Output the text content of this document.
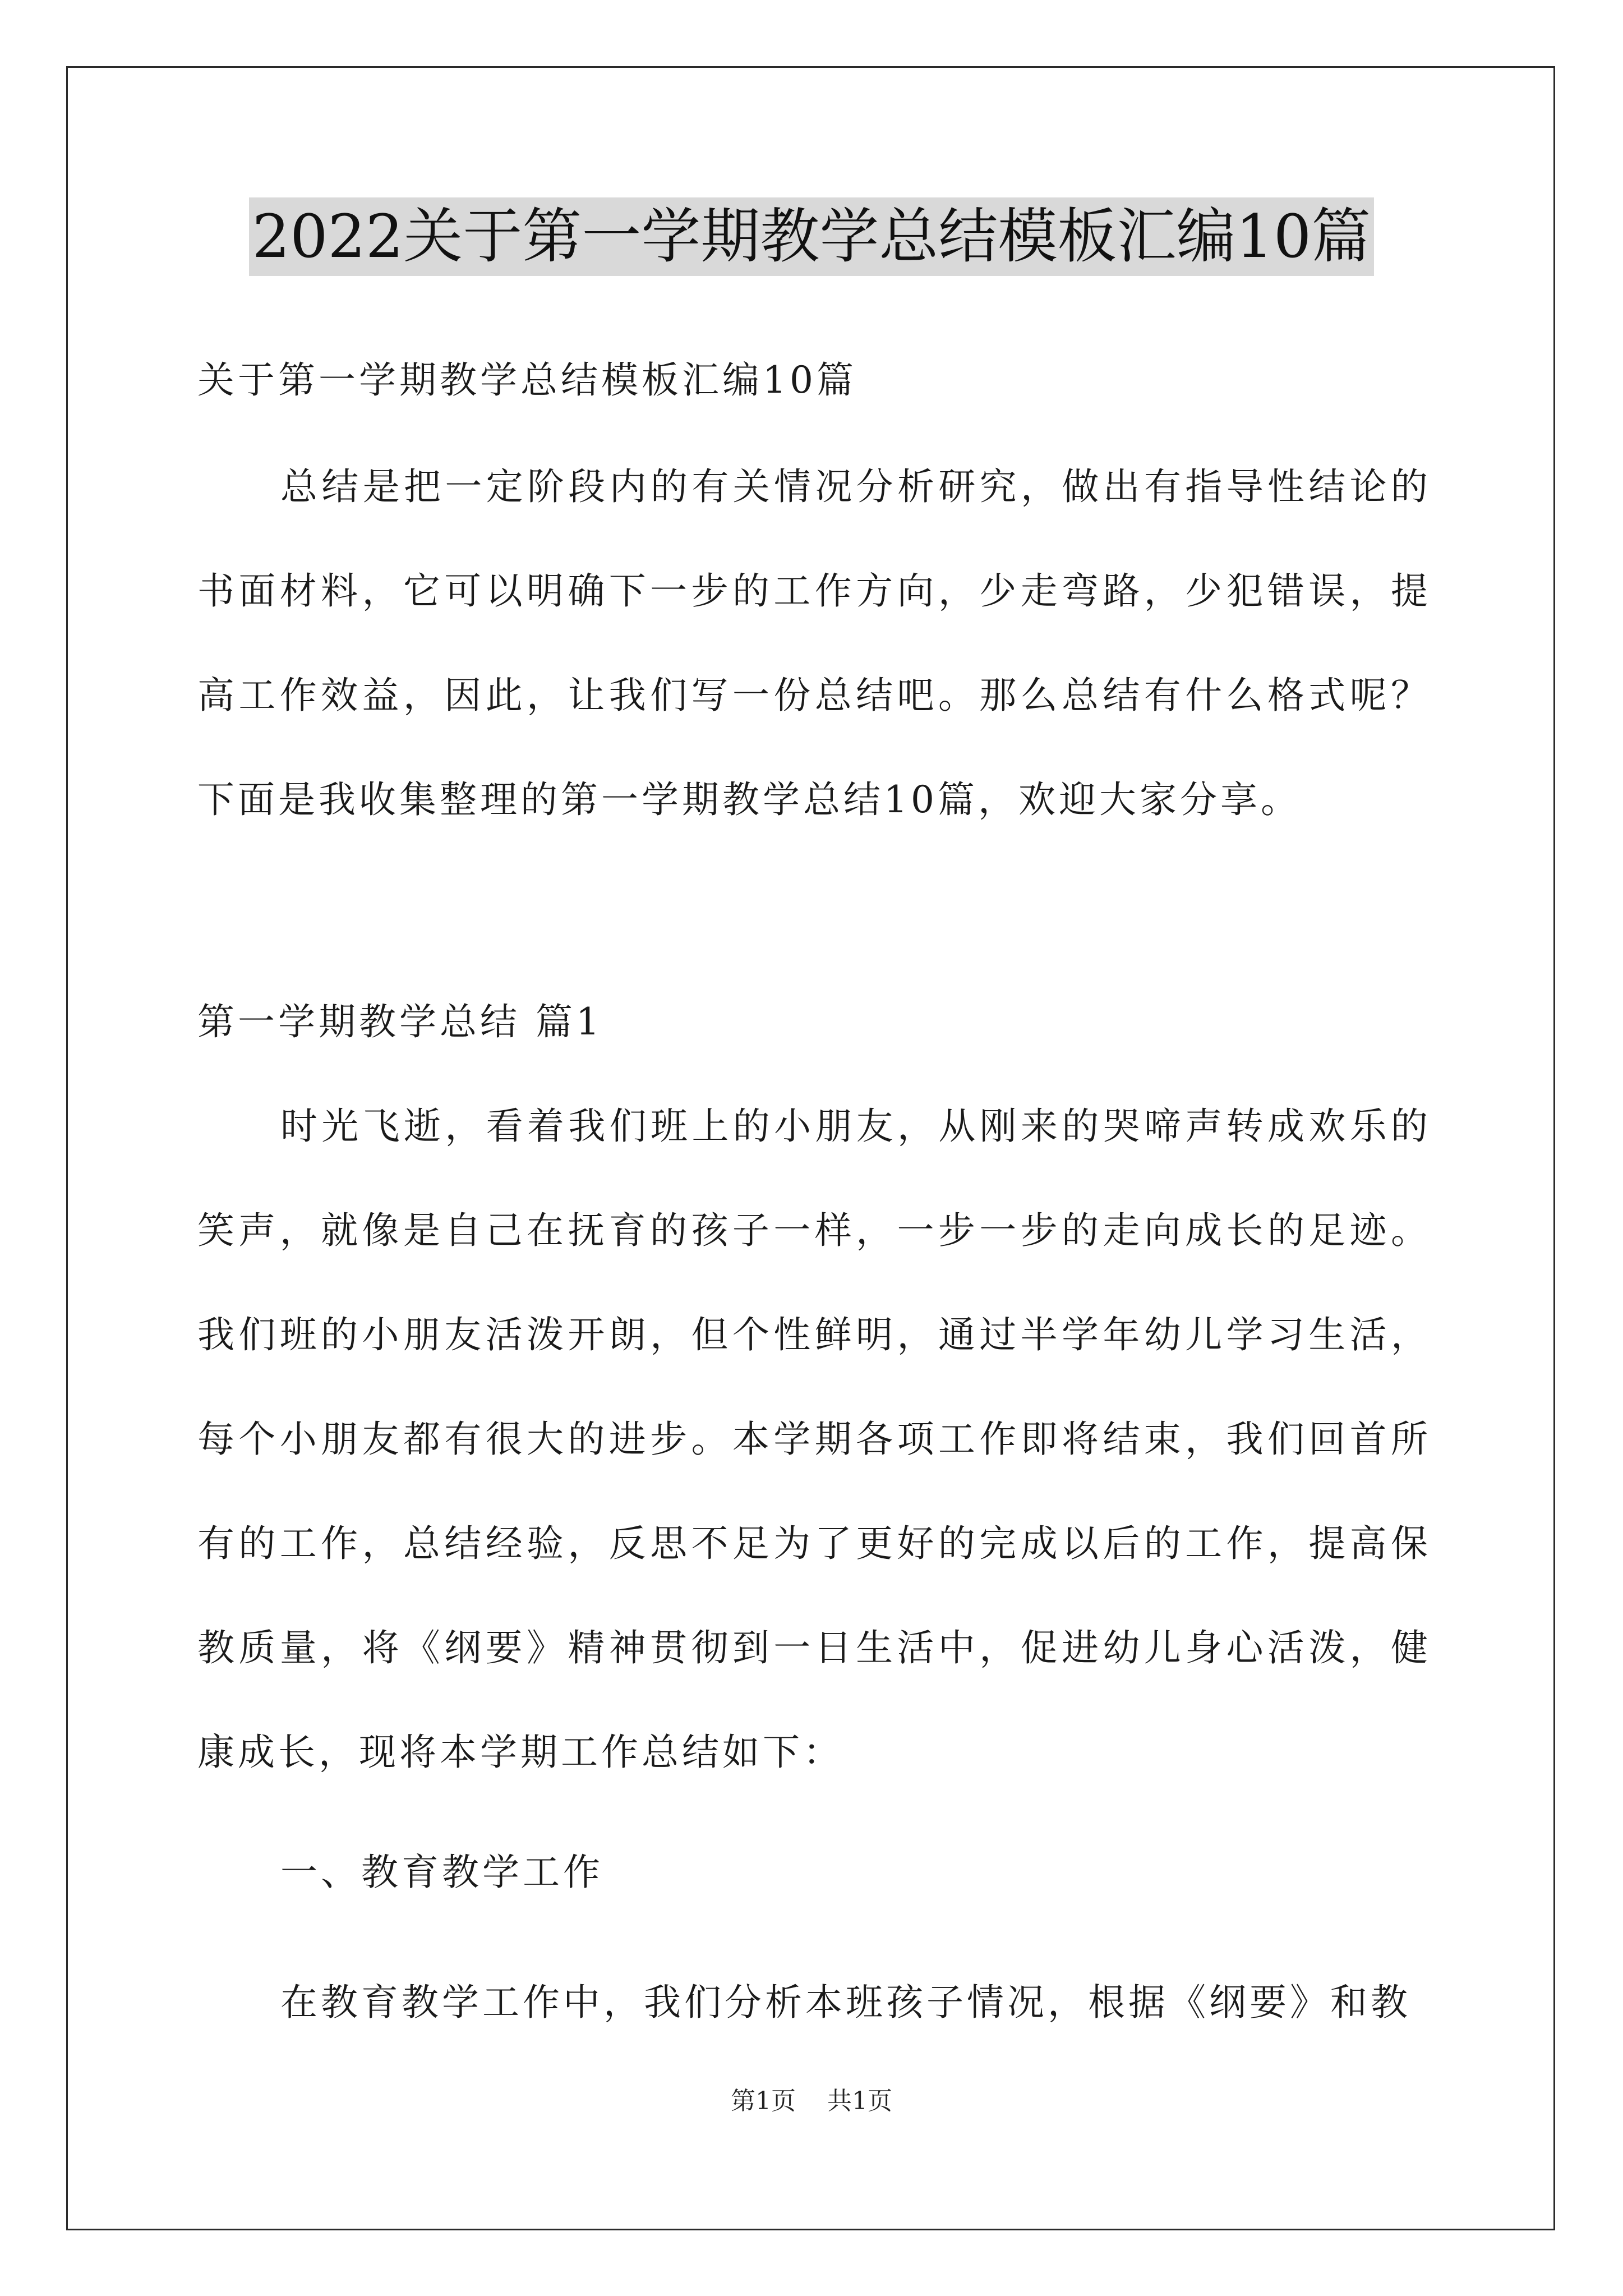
2022关于第一学期教学总结模板汇编10篇

关于第一学期教学总结模板汇编10篇

总结是把一定阶段内的有关情况分析研究，做出有指导性结论的书面材料，它可以明确下一步的工作方向，少走弯路，少犯错误，提高工作效益，因此，让我们写一份总结吧。那么总结有什么格式呢？下面是我收集整理的第一学期教学总结10篇，欢迎大家分享。

第一学期教学总结 篇1

时光飞逝，看着我们班上的小朋友，从刚来的哭啼声转成欢乐的笑声，就像是自己在抚育的孩子一样，一步一步的走向成长的足迹。我们班的小朋友活泼开朗，但个性鲜明，通过半学年幼儿学习生活，每个小朋友都有很大的进步。本学期各项工作即将结束，我们回首所有的工作，总结经验，反思不足为了更好的完成以后的工作，提高保教质量，将《纲要》精神贯彻到一日生活中，促进幼儿身心活泼，健康成长，现将本学期工作总结如下：

一、教育教学工作

在教育教学工作中，我们分析本班孩子情况，根据《纲要》和教

第1页 共1页
